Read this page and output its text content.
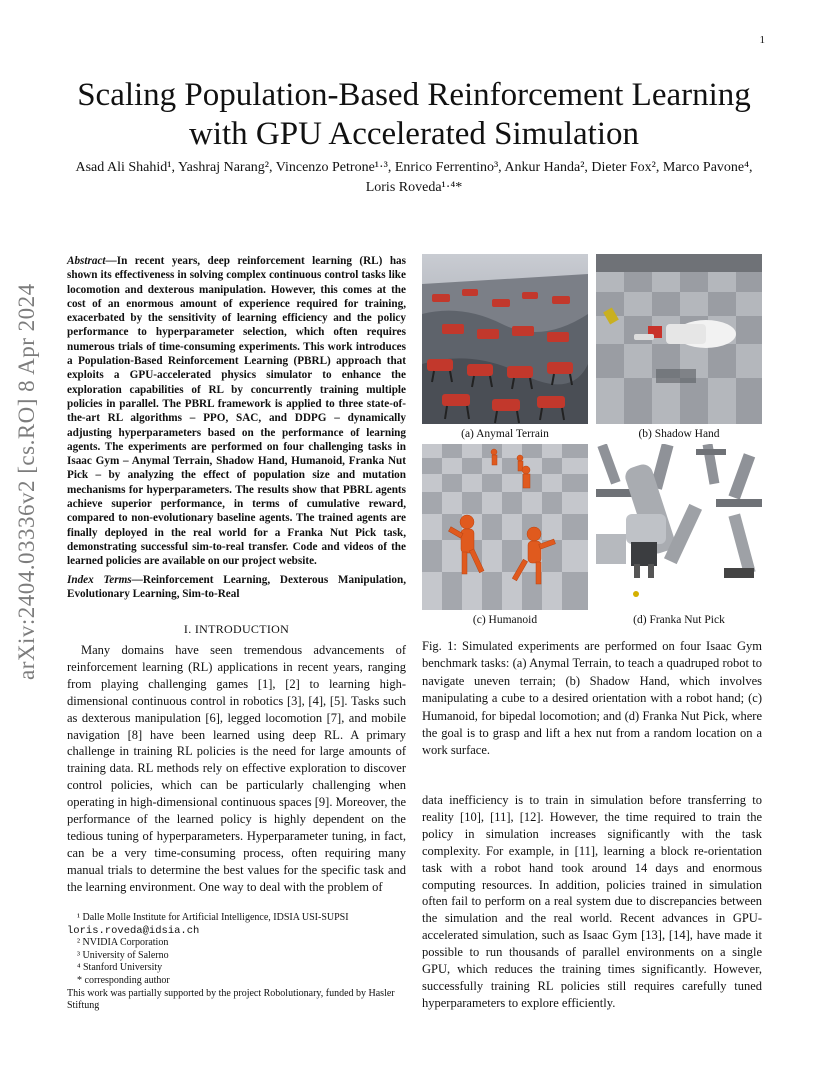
1
arXiv:2404.03336v2 [cs.RO] 8 Apr 2024
Scaling Population-Based Reinforcement Learning
with GPU Accelerated Simulation
Asad Ali Shahid¹, Yashraj Narang², Vincenzo Petrone¹·³, Enrico Ferrentino³, Ankur Handa², Dieter Fox², Marco Pavone⁴, Loris Roveda¹·⁴*
Abstract—In recent years, deep reinforcement learning (RL) has shown its effectiveness in solving complex continuous control tasks like locomotion and dexterous manipulation. However, this comes at the cost of an enormous amount of experience required for training, exacerbated by the sensitivity of learning efficiency and the policy performance to hyperparameter selection, which often requires numerous trials of time-consuming experiments. This work introduces a Population-Based Reinforcement Learning (PBRL) approach that exploits a GPU-accelerated physics simulator to enhance the exploration capabilities of RL by concurrently training multiple policies in parallel. The PBRL framework is applied to three state-of-the-art RL algorithms – PPO, SAC, and DDPG – dynamically adjusting hyperparameters based on the performance of learning agents. The experiments are performed on four challenging tasks in Isaac Gym – Anymal Terrain, Shadow Hand, Humanoid, Franka Nut Pick – by analyzing the effect of population size and mutation mechanisms for hyperparameters. The results show that PBRL agents achieve superior performance, in terms of cumulative reward, compared to non-evolutionary baseline agents. The trained agents are finally deployed in the real world for a Franka Nut Pick task, demonstrating successful sim-to-real transfer. Code and videos of the learned policies are available on our project website.
Index Terms—Reinforcement Learning, Dexterous Manipulation, Evolutionary Learning, Sim-to-Real
I. INTRODUCTION
Many domains have seen tremendous advancements of reinforcement learning (RL) applications in recent years, ranging from playing challenging games [1], [2] to learning high-dimensional continuous control in robotics [3], [4], [5]. Tasks such as dexterous manipulation [6], legged locomotion [7], and mobile navigation [8] have been learned using deep RL. A primary challenge in training RL policies is the need for large amounts of training data. RL methods rely on effective exploration to discover control policies, which can be particularly challenging when operating in high-dimensional continuous spaces [9]. Moreover, the performance of the learned policy is highly dependent on the tedious tuning of hyperparameters. Hyperparameter tuning, in fact, can be a very time-consuming process, often requiring many manual trials to determine the best values for the specific task and the learning environment. One way to deal with the problem of
¹ Dalle Molle Institute for Artificial Intelligence, IDSIA USI-SUPSI
loris.roveda@idsia.ch
² NVIDIA Corporation
³ University of Salerno
⁴ Stanford University
* corresponding author
This work was partially supported by the project Robolutionary, funded by Hasler Stiftung
(a) Anymal Terrain	(b) Shadow Hand
(c) Humanoid	(d) Franka Nut Pick
Fig. 1: Simulated experiments are performed on four Isaac Gym benchmark tasks: (a) Anymal Terrain, to teach a quadruped robot to navigate uneven terrain; (b) Shadow Hand, which involves manipulating a cube to a desired orientation with a robot hand; (c) Humanoid, for bipedal locomotion; and (d) Franka Nut Pick, where the goal is to grasp and lift a hex nut from a random location on a work surface.
data inefficiency is to train in simulation before transferring to reality [10], [11], [12]. However, the time required to train the policy in simulation increases significantly with the task complexity. For example, in [11], learning a block re-orientation task with a robot hand took around 14 days and enormous computing resources. In addition, policies trained in simulation often fail to perform on a real system due to discrepancies between the simulation and the real world. Recent advances in GPU-accelerated simulation, such as Isaac Gym [13], [14], have made it possible to run thousands of parallel environments on a single GPU, which reduces the training times significantly. However, successfully training RL policies still requires carefully tuned hyperparameters to explore efficiently.
